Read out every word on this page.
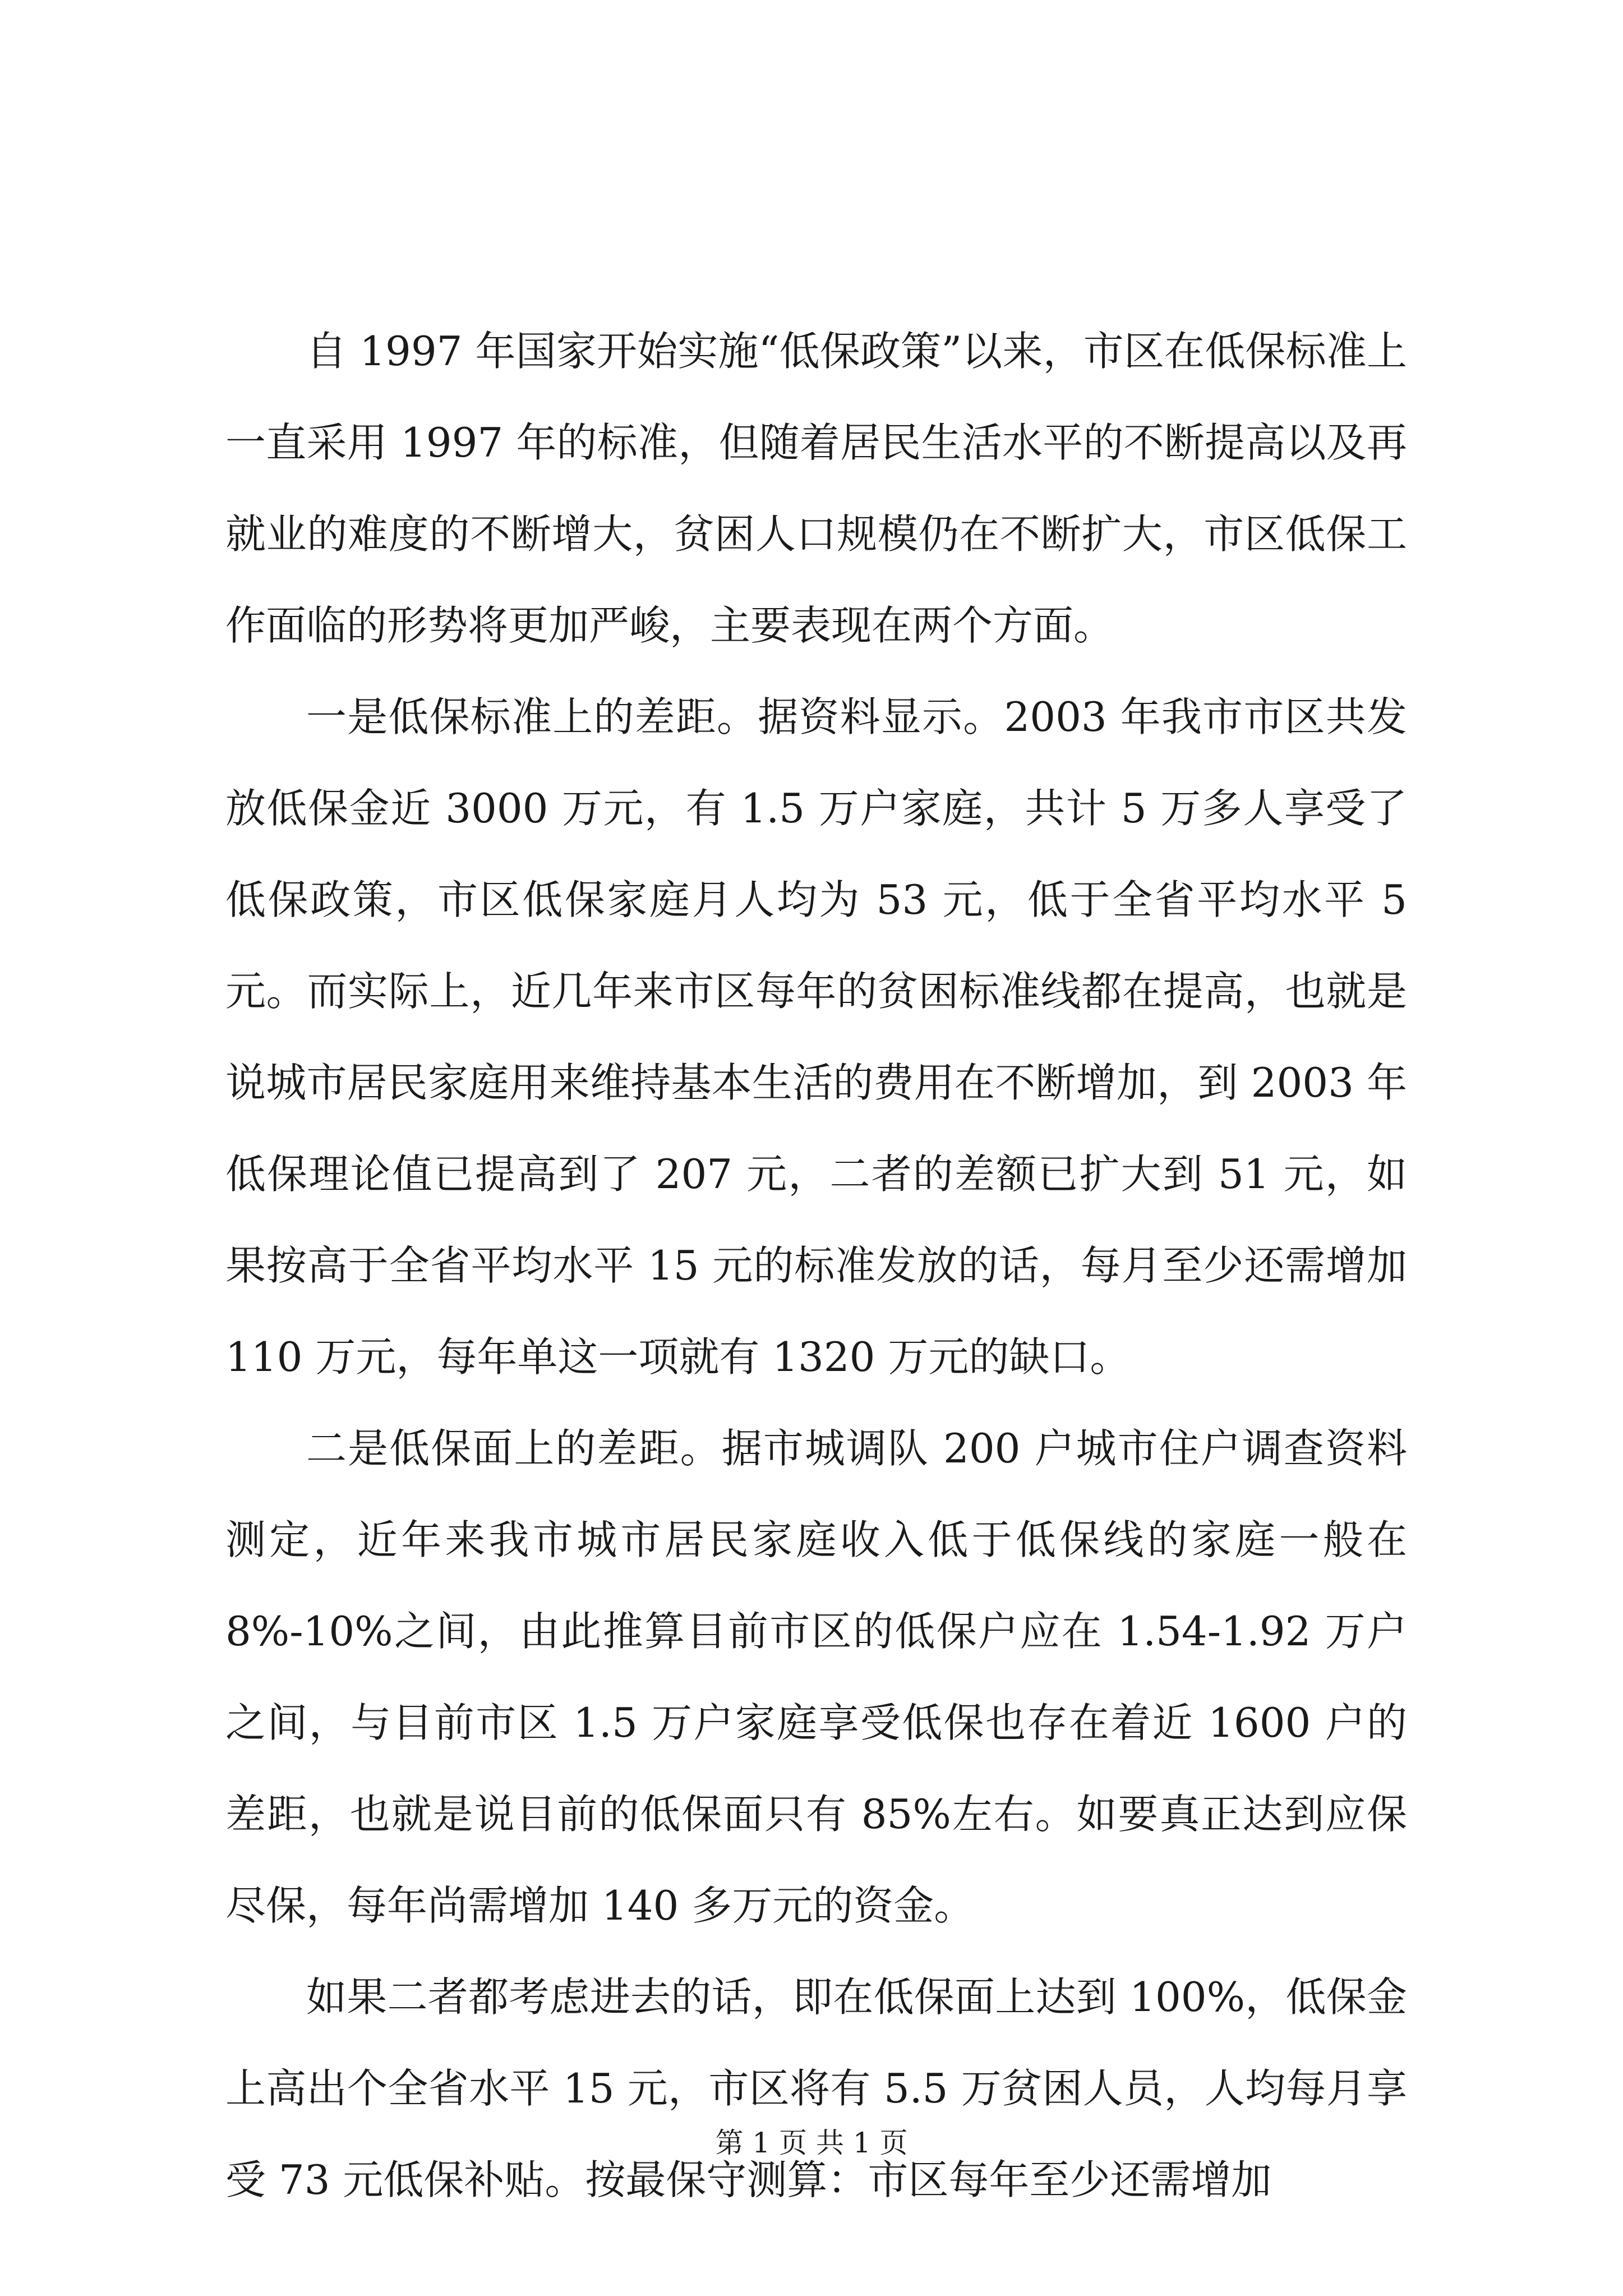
自 1997 年国家开始实施“低保政策”以来，市区在低保标准上一直采用 1997 年的标准，但随着居民生活水平的不断提高以及再就业的难度的不断增大，贫困人口规模仍在不断扩大，市区低保工作面临的形势将更加严峻，主要表现在两个方面。

一是低保标准上的差距。据资料显示。2003 年我市市区共发放低保金近 3000 万元，有 1.5 万户家庭，共计 5 万多人享受了低保政策，市区低保家庭月人均为 53 元，低于全省平均水平 5 元。而实际上，近几年来市区每年的贫困标准线都在提高，也就是说城市居民家庭用来维持基本生活的费用在不断增加，到 2003 年低保理论值已提高到了 207 元，二者的差额已扩大到 51 元，如果按高于全省平均水平 15 元的标准发放的话，每月至少还需增加 110 万元，每年单这一项就有 1320 万元的缺口。

二是低保面上的差距。据市城调队 200 户城市住户调查资料测定，近年来我市城市居民家庭收入低于低保线的家庭一般在 8%-10%之间，由此推算目前市区的低保户应在 1.54-1.92 万户之间，与目前市区 1.5 万户家庭享受低保也存在着近 1600 户的差距，也就是说目前的低保面只有 85%左右。如要真正达到应保尽保，每年尚需增加 140 多万元的资金。

如果二者都考虑进去的话，即在低保面上达到 100%，低保金上高出个全省水平 15 元，市区将有 5.5 万贫困人员，人均每月享受 73 元低保补贴。按最保守测算：市区每年至少还需增加

第 1 页 共 1 页
